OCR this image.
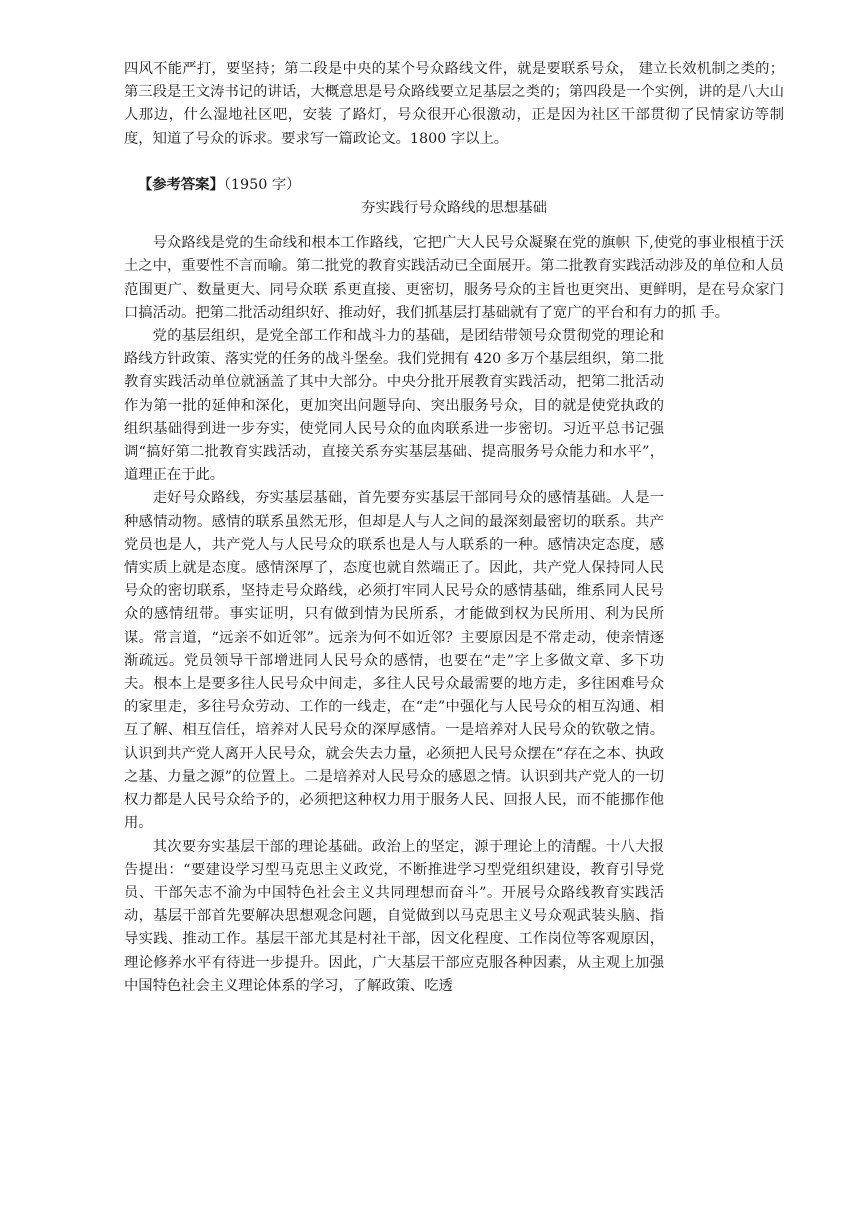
四风不能严打，要坚持；第二段是中央的某个号众路线文件，就是要联系号众， 建立长效机制之类的；第三段是王文涛书记的讲话，大概意思是号众路线要立足基层之类的；第四段是一个实例，讲的是八大山人那边，什么湿地社区吧，安装 了路灯，号众很开心很激动，正是因为社区干部贯彻了民情家访等制度，知道了号众的诉求。要求写一篇政论文。1800 字以上。

【参考答案】（1950 字）

夯实践行号众路线的思想基础

号众路线是党的生命线和根本工作路线，它把广大人民号众凝聚在党的旗帜 下,使党的事业根植于沃土之中，重要性不言而喻。第二批党的教育实践活动已全面展开。第二批教育实践活动涉及的单位和人员范围更广、数量更大、同号众联 系更直接、更密切，服务号众的主旨也更突出、更鲜明，是在号众家门口搞活动。把第二批活动组织好、推动好，我们抓基层打基础就有了宽广的平台和有力的抓 手。

党的基层组织，是党全部工作和战斗力的基础，是团结带领号众贯彻党的理论和路线方针政策、落实党的任务的战斗堡垒。我们党拥有 420 多万个基层组织，第二批教育实践活动单位就涵盖了其中大部分。中央分批开展教育实践活动，把第二批活动作为第一批的延伸和深化，更加突出问题导向、突出服务号众，目的就是使党执政的组织基础得到进一步夯实，使党同人民号众的血肉联系进一步密切。习近平总书记强调“搞好第二批教育实践活动，直接关系夯实基层基础、提高服务号众能力和水平”，道理正在于此。

走好号众路线，夯实基层基础，首先要夯实基层干部同号众的感情基础。人是一种感情动物。感情的联系虽然无形，但却是人与人之间的最深刻最密切的联系。共产党员也是人，共产党人与人民号众的联系也是人与人联系的一种。感情决定态度，感情实质上就是态度。感情深厚了，态度也就自然端正了。因此，共产党人保持同人民号众的密切联系，坚持走号众路线，必须打牢同人民号众的感情基础，维系同人民号众的感情纽带。事实证明，只有做到情为民所系，才能做到权为民所用、利为民所谋。常言道，“远亲不如近邻”。远亲为何不如近邻？主要原因是不常走动，使亲情逐渐疏远。党员领导干部增进同人民号众的感情，也要在“走”字上多做文章、多下功夫。根本上是要多往人民号众中间走，多往人民号众最需要的地方走，多往困难号众的家里走，多往号众劳动、工作的一线走，在“走”中强化与人民号众的相互沟通、相互了解、相互信任，培养对人民号众的深厚感情。一是培养对人民号众的钦敬之情。认识到共产党人离开人民号众，就会失去力量，必须把人民号众摆在“存在之本、执政之基、力量之源”的位置上。二是培养对人民号众的感恩之情。认识到共产党人的一切权力都是人民号众给予的，必须把这种权力用于服务人民、回报人民，而不能挪作他用。

其次要夯实基层干部的理论基础。政治上的坚定，源于理论上的清醒。十八大报告提出：“要建设学习型马克思主义政党，不断推进学习型党组织建设，教育引导党员、干部矢志不渝为中国特色社会主义共同理想而奋斗”。开展号众路线教育实践活动，基层干部首先要解决思想观念问题，自觉做到以马克思主义号众观武装头脑、指导实践、推动工作。基层干部尤其是村社干部，因文化程度、工作岗位等客观原因，理论修养水平有待进一步提升。因此，广大基层干部应克服各种因素，从主观上加强中国特色社会主义理论体系的学习，了解政策、吃透
